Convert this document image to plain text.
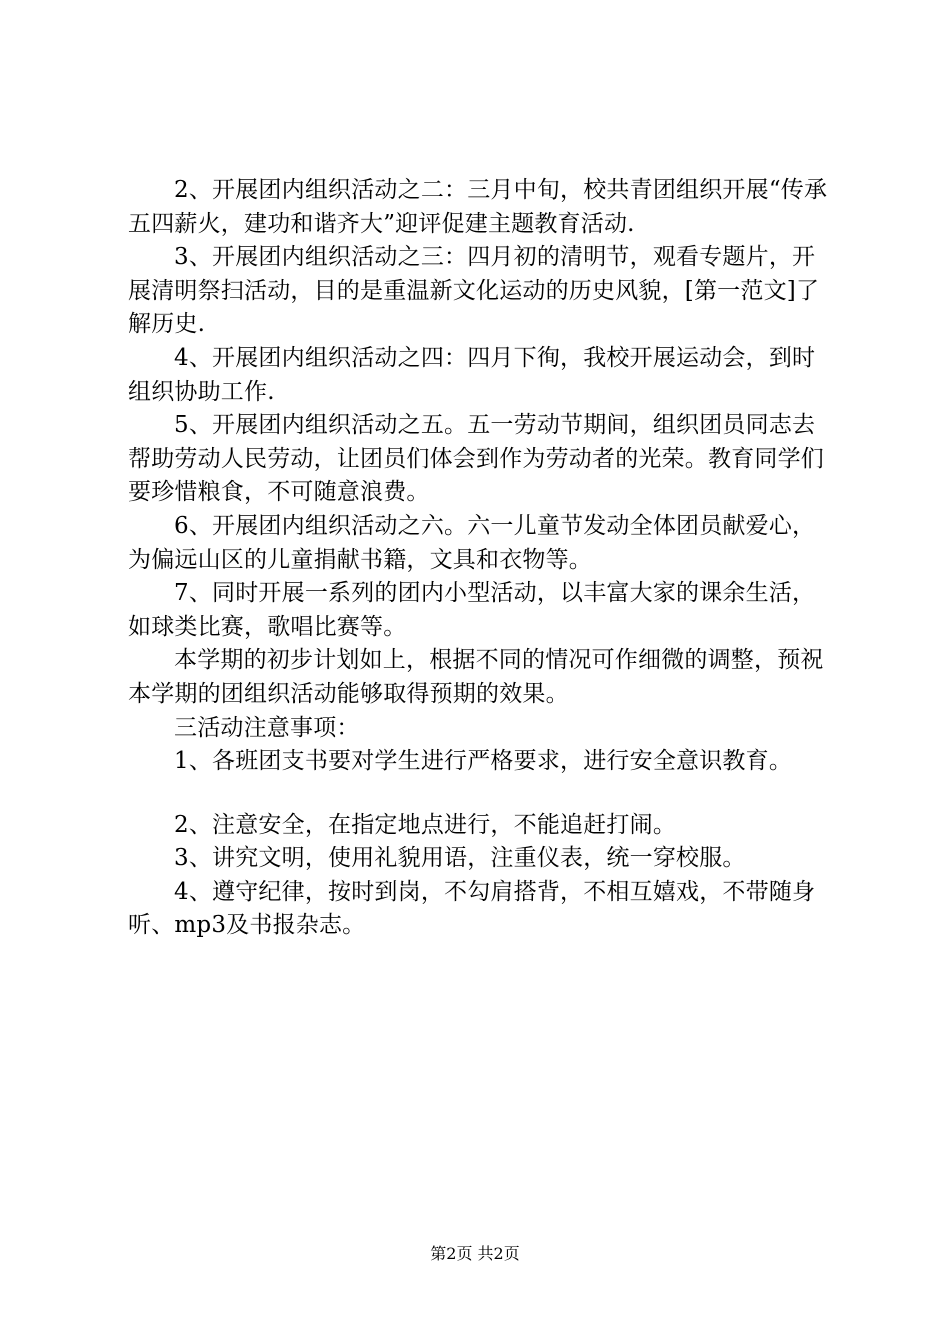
2、开展团内组织活动之二：三月中旬，校共青团组织开展“传承五四薪火，建功和谐齐大”迎评促建主题教育活动.

3、开展团内组织活动之三：四月初的清明节，观看专题片，开展清明祭扫活动，目的是重温新文化运动的历史风貌，[第一范文]了解历史.

4、开展团内组织活动之四：四月下徇，我校开展运动会，到时组织协助工作.

5、开展团内组织活动之五。五一劳动节期间，组织团员同志去帮助劳动人民劳动，让团员们体会到作为劳动者的光荣。教育同学们要珍惜粮食，不可随意浪费。

6、开展团内组织活动之六。六一儿童节发动全体团员献爱心，为偏远山区的儿童捐献书籍，文具和衣物等。

7、同时开展一系列的团内小型活动，以丰富大家的课余生活，如球类比赛，歌唱比赛等。

本学期的初步计划如上，根据不同的情况可作细微的调整，预祝本学期的团组织活动能够取得预期的效果。

三活动注意事项：

1、各班团支书要对学生进行严格要求，进行安全意识教育。

2、注意安全，在指定地点进行，不能追赶打闹。

3、讲究文明，使用礼貌用语，注重仪表，统一穿校服。

4、遵守纪律，按时到岗，不勾肩搭背，不相互嬉戏，不带随身听、mp3及书报杂志。

第2页 共2页
